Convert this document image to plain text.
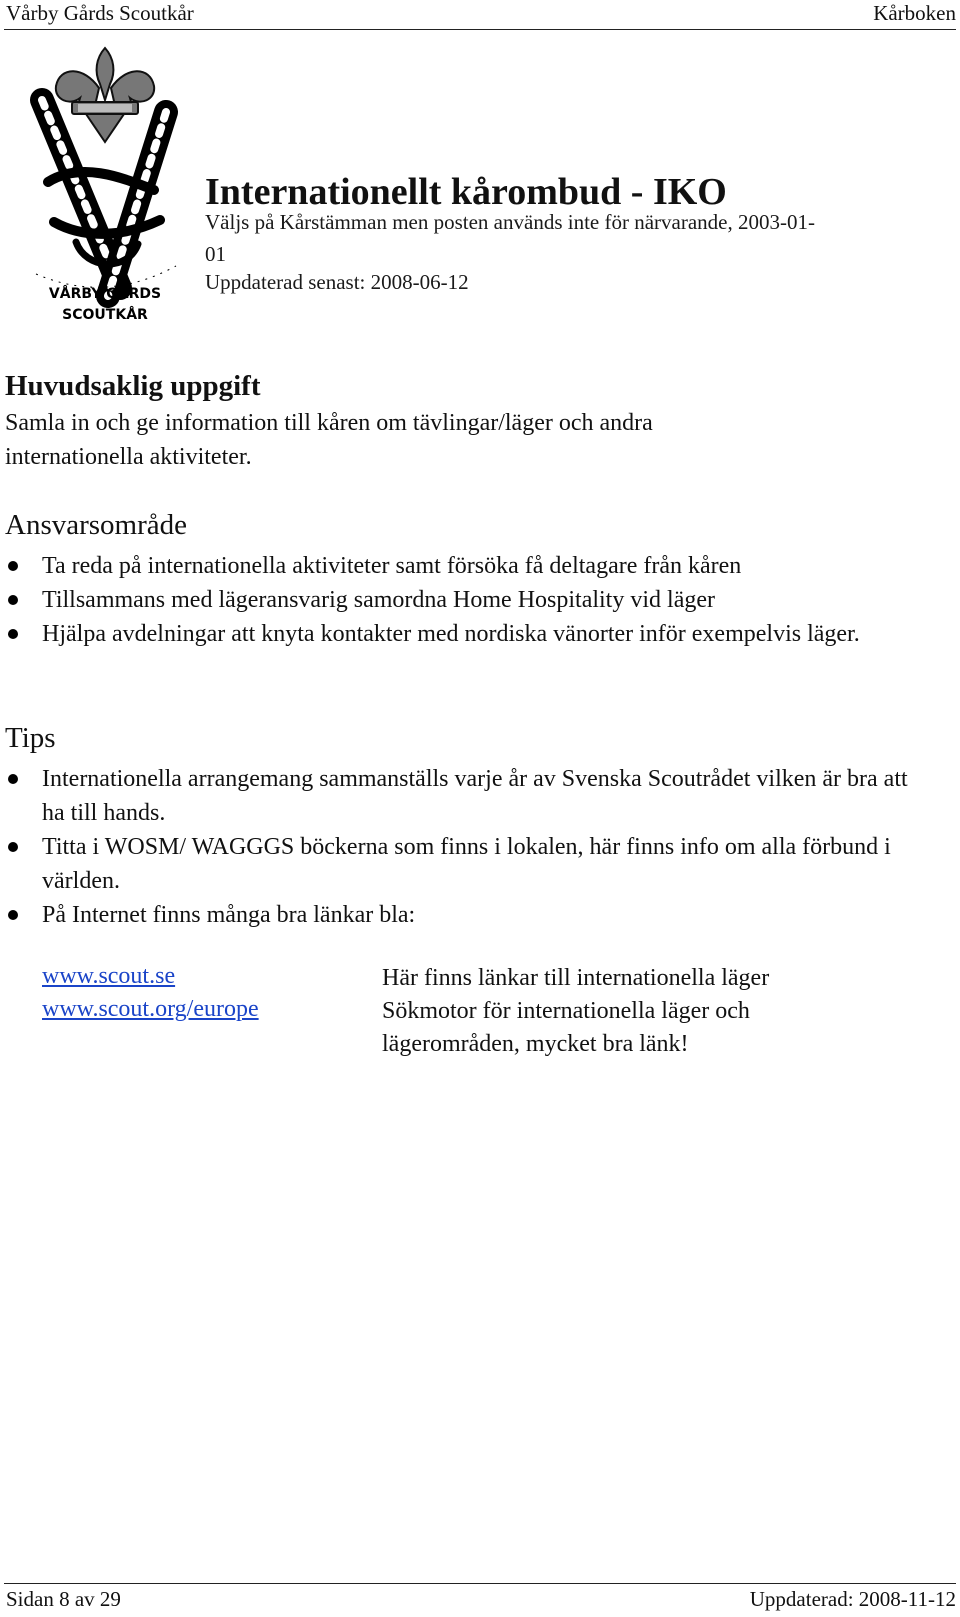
Vårby Gårds Scoutkår	Kårboken
VÅRBY GÅRDS
SCOUTKÅR
Internationellt kårombud - IKO
Väljs på Kårstämman men posten används inte för närvarande, 2003-01-
01
Uppdaterad senast: 2008-06-12
Huvudsaklig uppgift
Samla in och ge information till kåren om tävlingar/läger och andra
internationella aktiviteter.
Ansvarsområde
Ta reda på internationella aktiviteter samt försöka få deltagare från kåren
Tillsammans med lägeransvarig samordna Home Hospitality vid läger
Hjälpa avdelningar att knyta kontakter med nordiska vänorter inför exempelvis läger.
Tips
Internationella arrangemang sammanställs varje år av Svenska Scoutrådet vilken är bra att ha till hands.
Titta i WOSM/ WAGGGS böckerna som finns i lokalen, här finns info om alla förbund i världen.
På Internet finns många bra länkar bla:
www.scout.se	Här finns länkar till internationella läger
www.scout.org/europe	Sökmotor för internationella läger och
lägerområden, mycket bra länk!
Sidan 8 av 29	Uppdaterad: 2008-11-12
